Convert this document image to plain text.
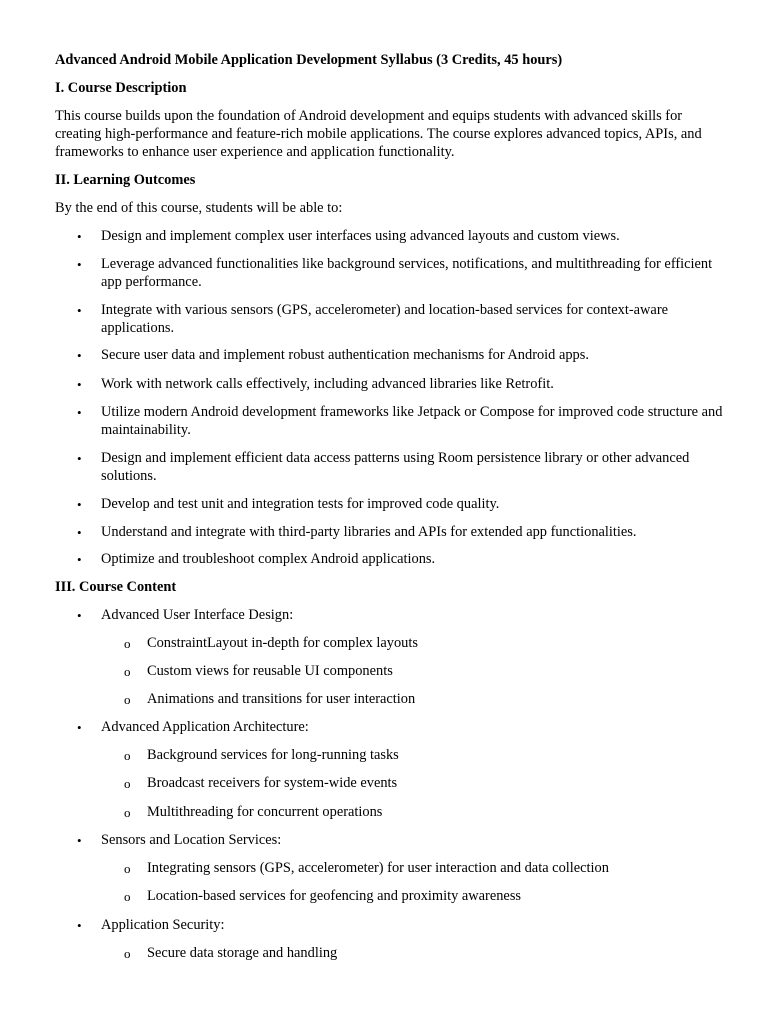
Advanced Android Mobile Application Development Syllabus (3 Credits, 45 hours)
I. Course Description
This course builds upon the foundation of Android development and equips students with advanced skills for creating high-performance and feature-rich mobile applications. The course explores advanced topics, APIs, and frameworks to enhance user experience and application functionality.
II. Learning Outcomes
By the end of this course, students will be able to:
• Design and implement complex user interfaces using advanced layouts and custom views.
• Leverage advanced functionalities like background services, notifications, and multithreading for efficient app performance.
• Integrate with various sensors (GPS, accelerometer) and location-based services for context-aware applications.
• Secure user data and implement robust authentication mechanisms for Android apps.
• Work with network calls effectively, including advanced libraries like Retrofit.
• Utilize modern Android development frameworks like Jetpack or Compose for improved code structure and maintainability.
• Design and implement efficient data access patterns using Room persistence library or other advanced solutions.
• Develop and test unit and integration tests for improved code quality.
• Understand and integrate with third-party libraries and APIs for extended app functionalities.
• Optimize and troubleshoot complex Android applications.
III. Course Content
• Advanced User Interface Design:
o ConstraintLayout in-depth for complex layouts
o Custom views for reusable UI components
o Animations and transitions for user interaction
• Advanced Application Architecture:
o Background services for long-running tasks
o Broadcast receivers for system-wide events
o Multithreading for concurrent operations
• Sensors and Location Services:
o Integrating sensors (GPS, accelerometer) for user interaction and data collection
o Location-based services for geofencing and proximity awareness
• Application Security:
o Secure data storage and handling
